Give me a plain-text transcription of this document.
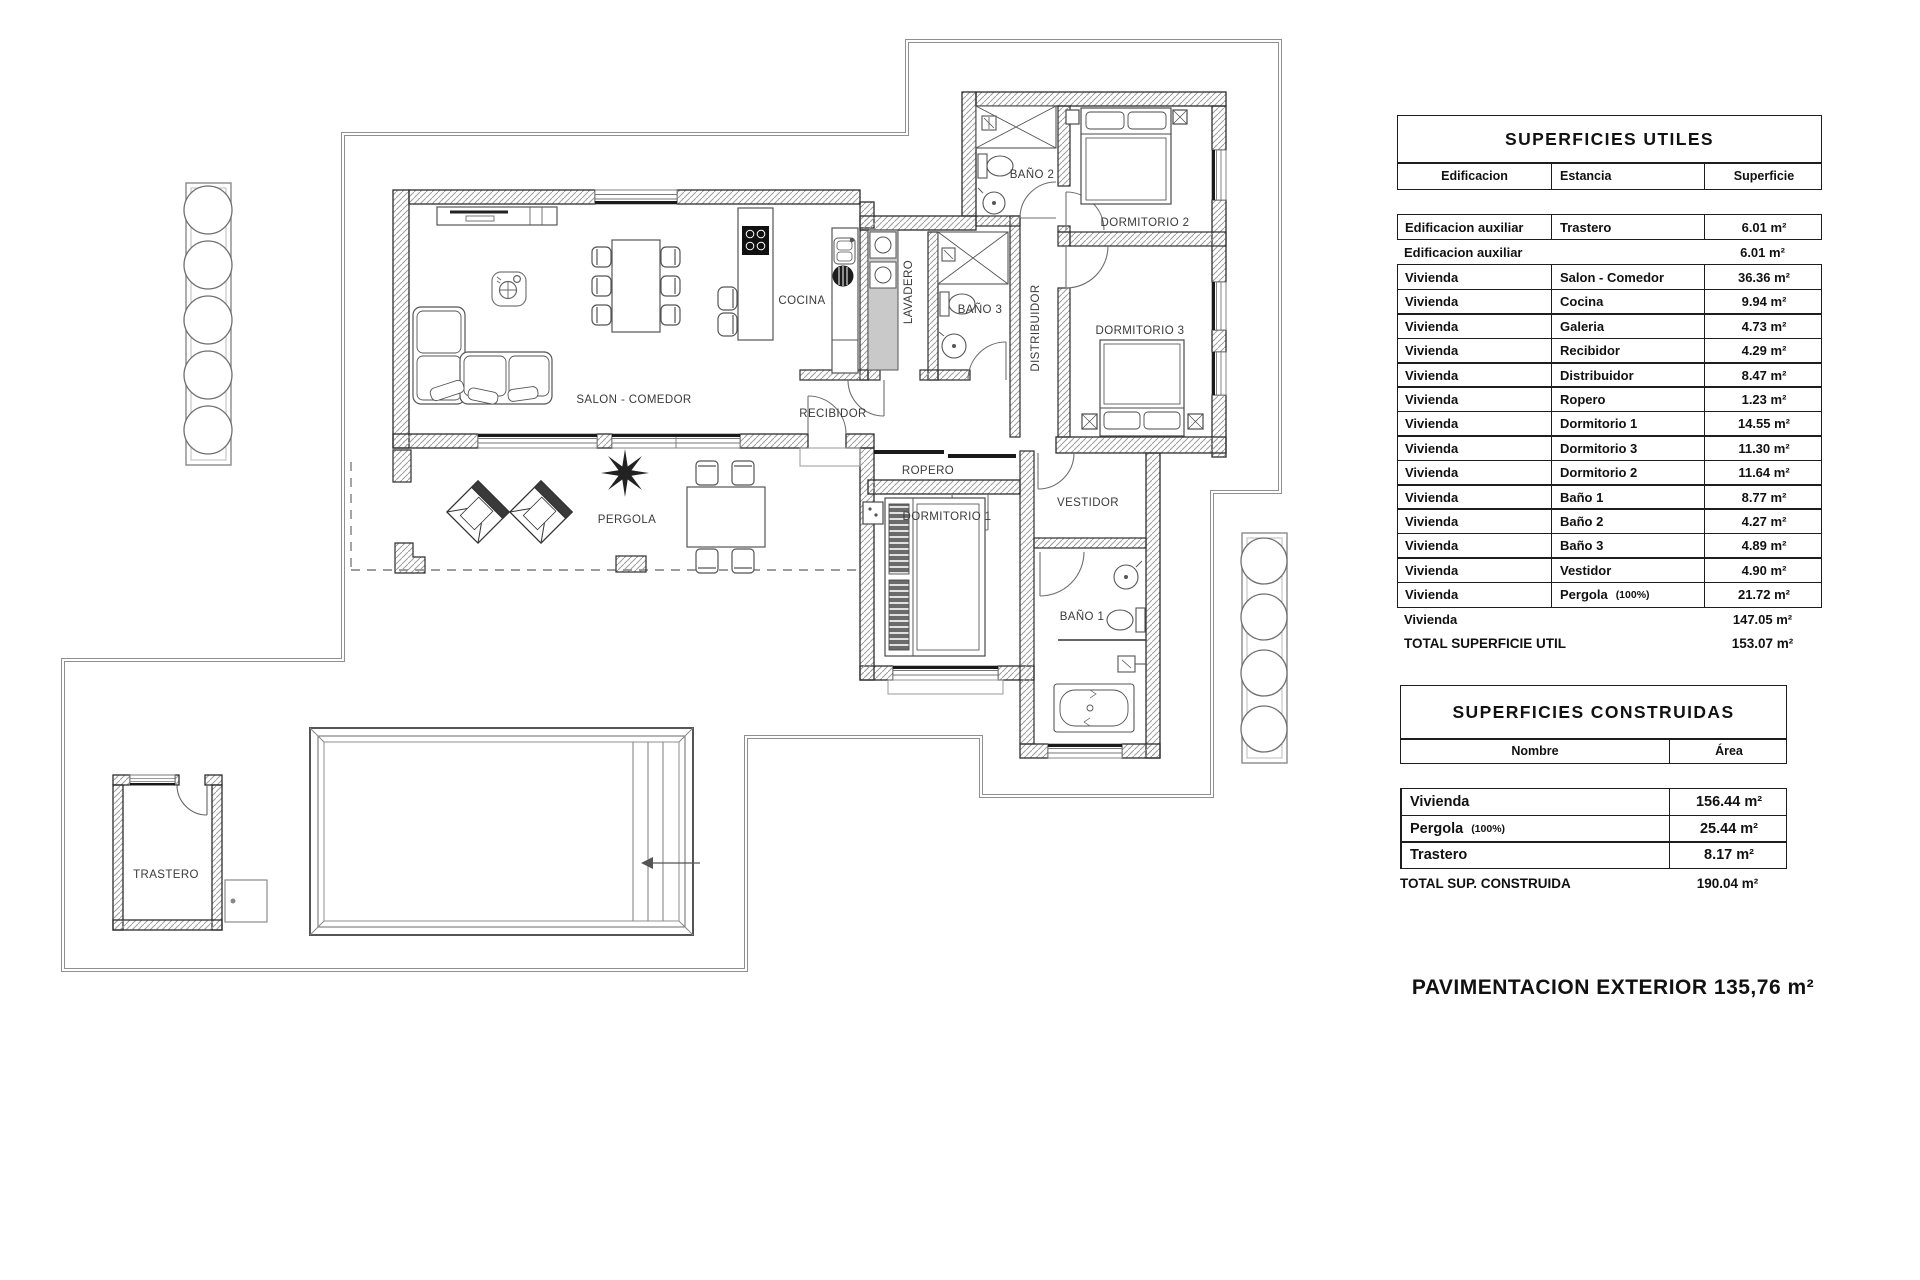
SALON - COMEDOR
COCINA	LAVADERO	BAÑO 3
BAÑO 2
DISTRIBUIDOR
DORMITORIO 2
DORMITORIO 3
RECIBIDOR
ROPERO
PERGOLA	DORMITORIO 1
VESTIDOR
BAÑO 1
TRASTERO
SUPERFICIES UTILES
Edificacion	Estancia	Superficie
Edificacion auxiliar	Trastero	6.01 m²
Edificacion auxiliar	6.01 m²
Vivienda	Salon - Comedor	36.36 m²
Vivienda	Cocina	9.94 m²
Vivienda	Galeria	4.73 m²
Vivienda	Recibidor	4.29 m²
Vivienda	Distribuidor	8.47 m²
Vivienda	Ropero	1.23 m²
Vivienda	Dormitorio 1	14.55 m²
Vivienda	Dormitorio 3	11.30 m²
Vivienda	Dormitorio 2	11.64 m²
Vivienda	Baño 1	8.77 m²
Vivienda	Baño 2	4.27 m²
Vivienda	Baño 3	4.89 m²
Vivienda	Vestidor	4.90 m²
Vivienda	Pergola (100%)	21.72 m²
Vivienda	147.05 m²
TOTAL SUPERFICIE UTIL	153.07 m²
SUPERFICIES CONSTRUIDAS
Nombre	Área
Vivienda	156.44 m²
Pergola (100%)	25.44 m²
Trastero	8.17 m²
TOTAL SUP. CONSTRUIDA	190.04 m²
PAVIMENTACION EXTERIOR 135,76 m²
